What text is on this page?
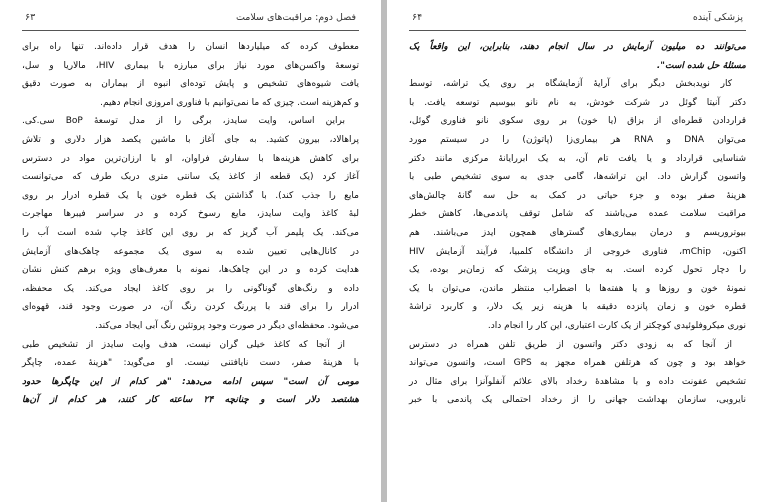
فصل دوم: مراقبت‌های سلامت
۶۳
معطوف کرده که میلیاردها انسان را هدف قرار داده‌اند. تنها راه برای
توسعهٔ واکسن‌های مورد نیاز برای مبارزه با بیماری HIV، مالاریا و سل،
یافت شیوه‌های تشخیص و پایش توده‌ای انبوه از بیماران به صورت دقیق
و کم‌هزینه است. چیزی که ما نمی‌توانیم با فناوری امروزی انجام دهیم.
براین اساس، وایت سایدز، برگی را از مدل توسعهٔ BoP سی.کی.
پراهالاد، بیرون کشید. به جای آغاز با ماشین یکصد هزار دلاری و تلاش
برای کاهش هزینه‌ها با سفارش فراوان، او با ارزان‌ترین مواد در دسترس
آغاز کرد (یک قطعه از کاغذ یک سانتی متری دربک طرف که می‌توانست
مایع را جذب کند). با گذاشتن یک قطره خون یا یک قطره ادرار بر روی
لبهٔ کاغذ وایت سایدز، مایع رسوخ کرده و در سراسر فیبرها مهاجرت
می‌کند. یک پلیمر آب گریز که بر روی این کاغذ چاپ شده است آب را
در کانال‌هایی تعیین شده به سوی یک مجموعه چاهک‌های آزمایش
هدایت کرده و در این چاهک‌ها، نمونه با معرف‌های ویژه برهم کنش نشان
داده و رنگ‌های گوناگونی را بر روی کاغذ ایجاد می‌کند. یک محفظه،
ادرار را برای قند با پررنگ کردن رنگ آن، در صورت وجود قند، قهوه‌ای
می‌شود. محفظه‌ای دیگر در صورت وجود پروتئین رنگ آبی ایجاد می‌کند.
از آنجا که کاغذ خیلی گران نیست، هدف وایت سایدز از تشخیص طبی
با هزینهٔ صفر، دست نایافتنی نیست. او می‌گوید: "هزینهٔ عمده، چاپگر
مومی آن است" سپس ادامه می‌دهد: "هر کدام از این چاپگرها حدود
هشتصد دلار است و چنانچه ۲۴ ساعته کار کنند، هر کدام از آن‌ها
پزشکی آینده
۶۴
می‌توانند ده میلیون آزمایش در سال انجام دهند، بنابراین، این واقعاً یک
مسئلهٔ حل شده است".
کار نویدبخش دیگر برای آرایهٔ آزمایشگاه بر روی یک تراشه، توسط
دکتر آنیتا گوئل در شرکت خودش، به نام نانو بیوسیم توسعه یافت. با
قراردادن قطره‌ای از بزاق (یا خون) بر روی سکوی نانو فناوری گوئل،
می‌توان DNA و RNA هر بیماری‌زا (پاتوژن) را در سیستم مورد
شناسایی قرارداد و یا یافت تام آن، به یک ابررایانهٔ مرکزی مانند دکتر
واتسون گزارش داد. این تراشه‌ها، گامی جدی به سوی تشخیص طبی با
هزینهٔ صفر بوده و جزء حیاتی در کمک به حل سه گانهٔ چالش‌های
مراقبت سلامت عمده می‌باشند که شامل توقف پاندمی‌ها، کاهش خطر
بیوتروریسم و درمان بیماری‌های گسترهای همچون ایدز می‌باشند. هم
اکنون، mChip، فناوری خروجی از دانشگاه کلمبیا، فرآیند آزمایش HIV
را دچار تحول کرده است. به جای ویزیت پزشک که زمان‌بر بوده، یک
نمونهٔ خون و روزها و یا هفته‌ها با اضطراب منتظر ماندن، می‌توان با یک
قطره خون و زمان پانزده دقیقه با هزینه زیر یک دلار، و کاربرد تراشهٔ
نوری میکروفلوئیدی کوچکتر از یک کارت اعتباری، این کار را انجام داد.
از آنجا که به زودی دکتر واتسون از طریق تلفن همراه در دسترس
خواهد بود و چون که هرتلفن همراه مجهز به GPS است، واتسون می‌تواند
تشخیص عفونت داده و با مشاهدهٔ رخداد بالای علائم آنفلوآنزا برای مثال در
نایروبی، سازمان بهداشت جهانی را از رخداد احتمالی یک پاندمی با خبر
